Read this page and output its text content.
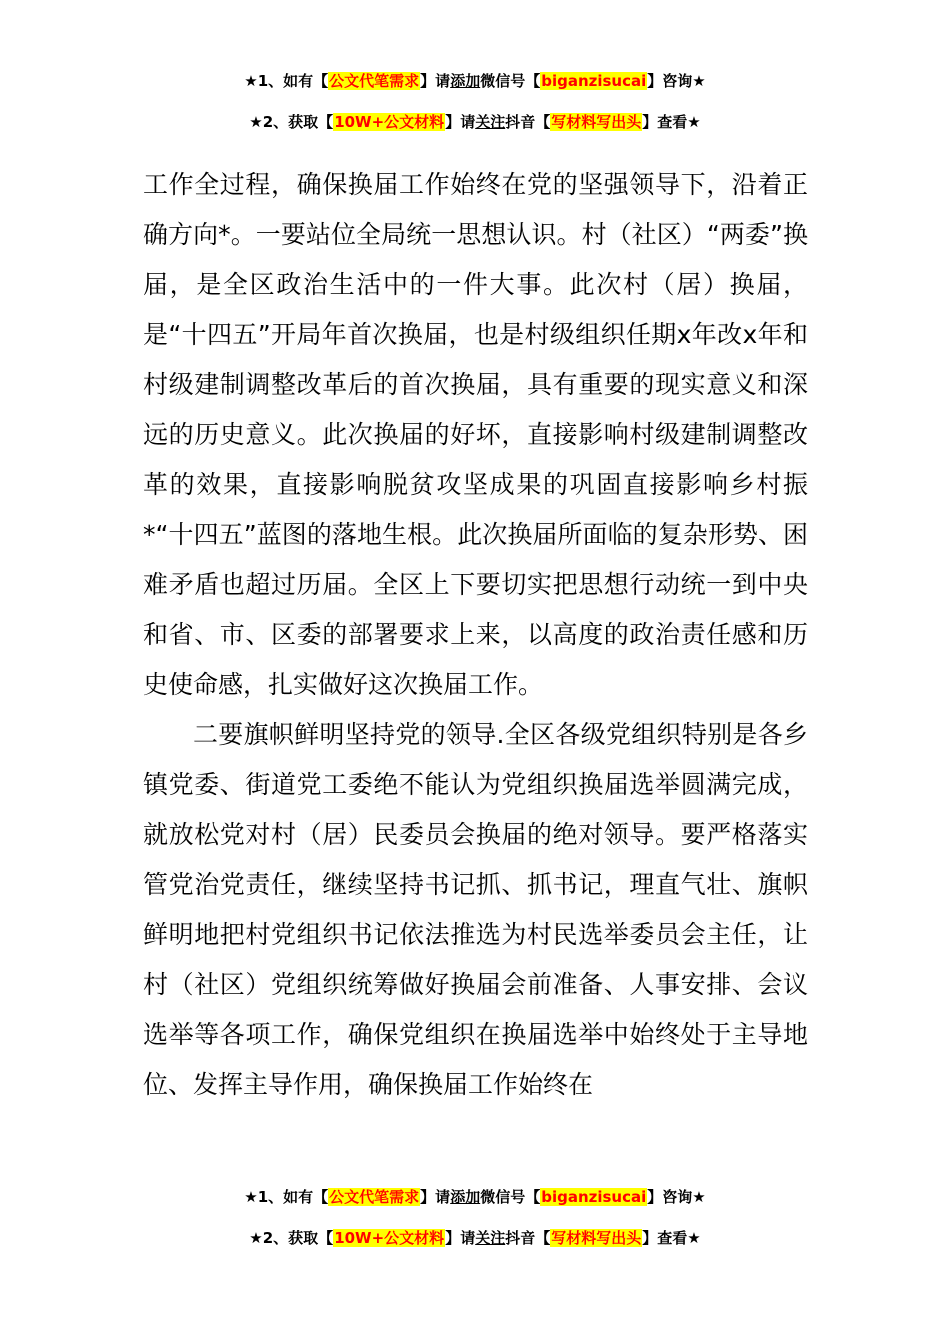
★1、如有【公文代笔需求】请添加微信号【biganzisucai】咨询★
★2、获取【10W+公文材料】请关注抖音【写材料写出头】查看★

工作全过程，确保换届工作始终在党的坚强领导下，沿着正确方向*。一要站位全局统一思想认识。村（社区）“两委”换届，是全区政治生活中的一件大事。此次村（居）换届，是“十四五”开局年首次换届，也是村级组织任期x年改x年和村级建制调整改革后的首次换届，具有重要的现实意义和深远的历史意义。此次换届的好坏，直接影响村级建制调整改革的效果，直接影响脱贫攻坚成果的巩固直接影响乡村振*“十四五”蓝图的落地生根。此次换届所面临的复杂形势、困难矛盾也超过历届。全区上下要切实把思想行动统一到中央和省、市、区委的部署要求上来，以高度的政治责任感和历史使命感，扎实做好这次换届工作。

二要旗帜鲜明坚持党的领导.全区各级党组织特别是各乡镇党委、街道党工委绝不能认为党组织换届选举圆满完成，就放松党对村（居）民委员会换届的绝对领导。要严格落实管党治党责任，继续坚持书记抓、抓书记，理直气壮、旗帜鲜明地把村党组织书记依法推选为村民选举委员会主任，让村（社区）党组织统筹做好换届会前准备、人事安排、会议选举等各项工作，确保党组织在换届选举中始终处于主导地位、发挥主导作用，确保换届工作始终在

★1、如有【公文代笔需求】请添加微信号【biganzisucai】咨询★
★2、获取【10W+公文材料】请关注抖音【写材料写出头】查看★
